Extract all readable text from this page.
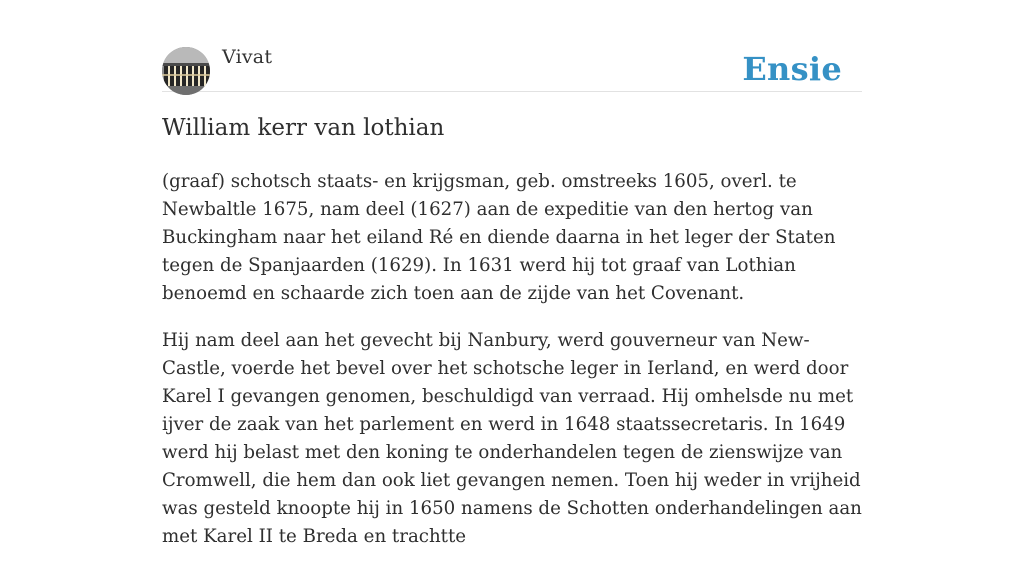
Vivat	Ensie
William kerr van lothian

(graaf) schotsch staats- en krijgsman, geb. omstreeks 1605, overl. te Newbaltle 1675, nam deel (1627) aan de expeditie van den hertog van Buckingham naar het eiland Ré en diende daarna in het leger der Staten tegen de Spanjaarden (1629). In 1631 werd hij tot graaf van Lothian benoemd en schaarde zich toen aan de zijde van het Covenant.

Hij nam deel aan het gevecht bij Nanbury, werd gouverneur van New-Castle, voerde het bevel over het schotsche leger in Ierland, en werd door Karel I gevangen genomen, beschuldigd van verraad. Hij omhelsde nu met ijver de zaak van het parlement en werd in 1648 staatssecretaris. In 1649 werd hij belast met den koning te onderhandelen tegen de zienswijze van Cromwell, die hem dan ook liet gevangen nemen. Toen hij weder in vrijheid was gesteld knoopte hij in 1650 namens de Schotten onderhandelingen aan met Karel II te Breda en trachtte
